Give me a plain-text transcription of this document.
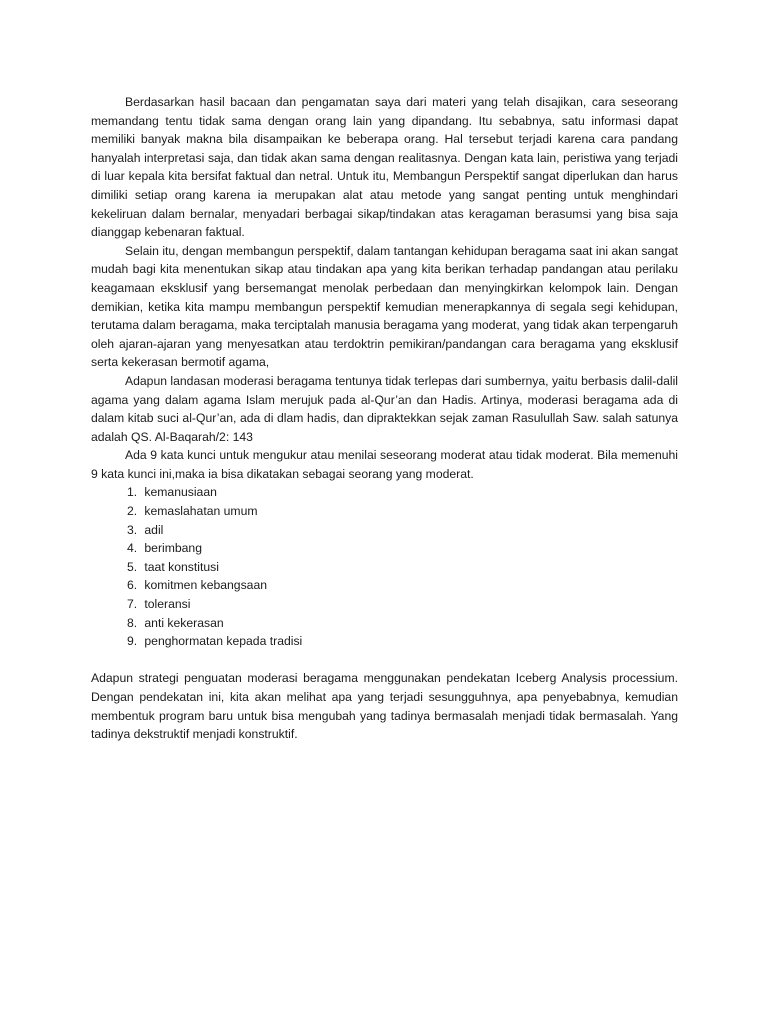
Berdasarkan hasil bacaan dan pengamatan saya dari materi yang telah disajikan, cara seseorang memandang tentu tidak sama dengan orang lain yang dipandang. Itu sebabnya, satu informasi dapat memiliki banyak makna bila disampaikan ke beberapa orang. Hal tersebut terjadi karena cara pandang hanyalah interpretasi saja, dan tidak akan sama dengan realitasnya. Dengan kata lain, peristiwa yang terjadi di luar kepala kita bersifat faktual dan netral. Untuk itu, Membangun Perspektif sangat diperlukan dan harus dimiliki setiap orang karena ia merupakan alat atau metode yang sangat penting untuk menghindari kekeliruan dalam bernalar, menyadari berbagai sikap/tindakan atas keragaman berasumsi yang bisa saja dianggap kebenaran faktual.

Selain itu, dengan membangun perspektif, dalam tantangan kehidupan beragama saat ini akan sangat mudah bagi kita menentukan sikap atau tindakan apa yang kita berikan terhadap pandangan atau perilaku keagamaan eksklusif yang bersemangat menolak perbedaan dan menyingkirkan kelompok lain. Dengan demikian, ketika kita mampu membangun perspektif kemudian menerapkannya di segala segi kehidupan, terutama dalam beragama, maka terciptalah manusia beragama yang moderat, yang tidak akan terpengaruh oleh ajaran-ajaran yang menyesatkan atau terdoktrin pemikiran/pandangan cara beragama yang eksklusif serta kekerasan bermotif agama,

Adapun landasan moderasi beragama tentunya tidak terlepas dari sumbernya, yaitu berbasis dalil-dalil agama yang dalam agama Islam merujuk pada al-Qur’an dan Hadis. Artinya, moderasi beragama ada di dalam kitab suci al-Qur’an, ada di dlam hadis, dan dipraktekkan sejak zaman Rasulullah Saw. salah satunya adalah QS. Al-Baqarah/2: 143

Ada 9 kata kunci untuk mengukur atau menilai seseorang moderat atau tidak moderat. Bila memenuhi 9 kata kunci ini,maka ia bisa dikatakan sebagai seorang yang moderat.

1. kemanusiaan
2. kemaslahatan umum
3. adil
4. berimbang
5. taat konstitusi
6. komitmen kebangsaan
7. toleransi
8. anti kekerasan
9. penghormatan kepada tradisi

Adapun strategi penguatan moderasi beragama menggunakan pendekatan Iceberg Analysis processium. Dengan pendekatan ini, kita akan melihat apa yang terjadi sesungguhnya, apa penyebabnya, kemudian membentuk program baru untuk bisa mengubah yang tadinya bermasalah menjadi tidak bermasalah. Yang tadinya dekstruktif menjadi konstruktif.
